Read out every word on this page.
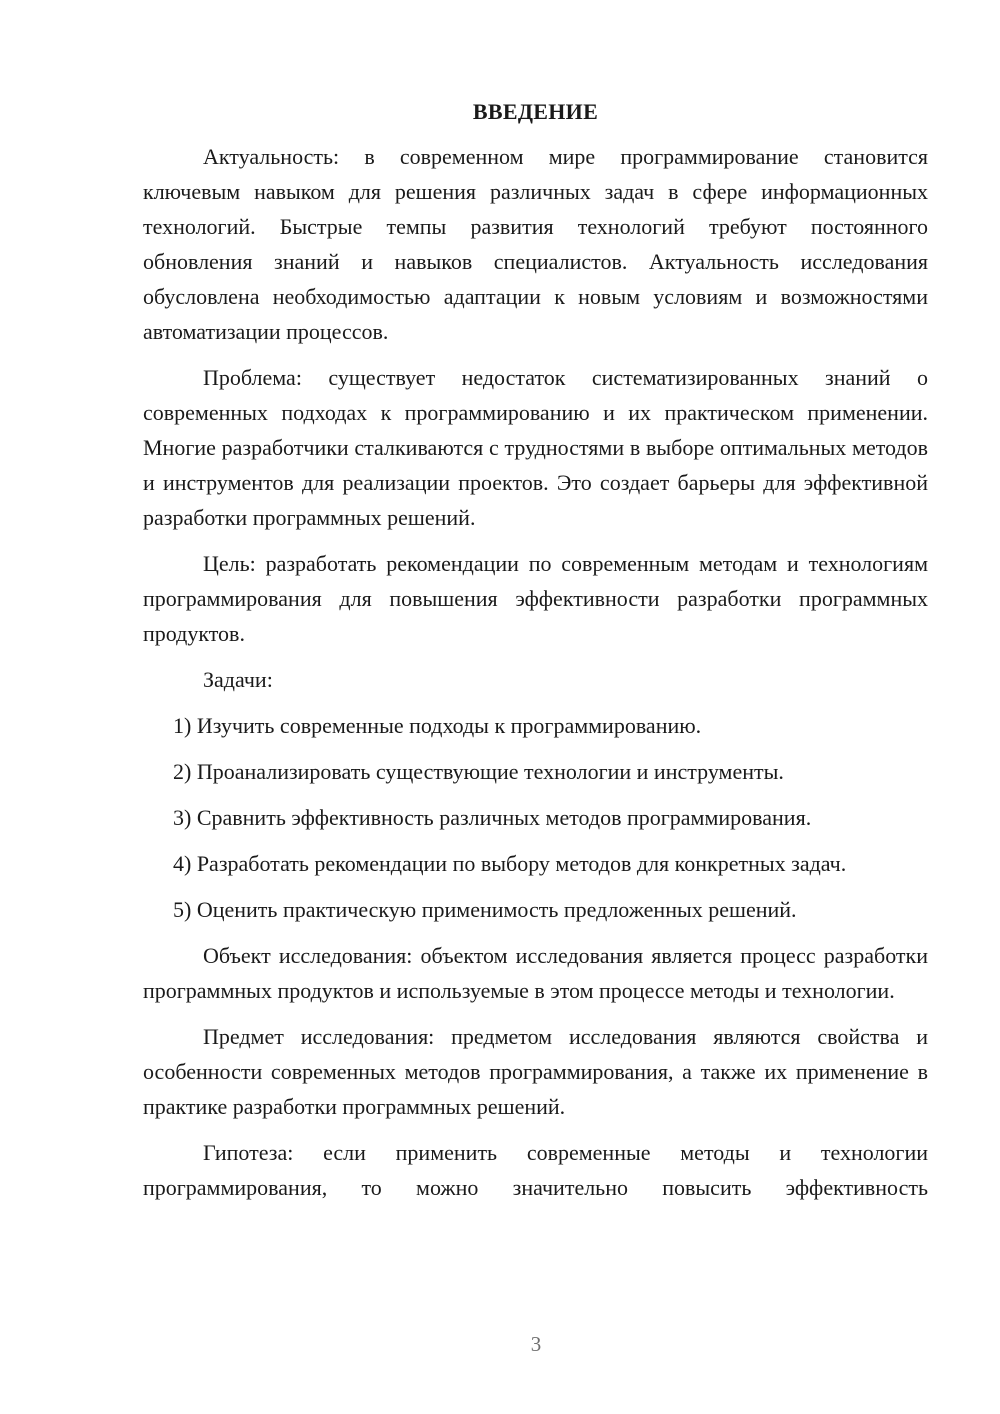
ВВЕДЕНИЕ

Актуальность: в современном мире программирование становится ключевым навыком для решения различных задач в сфере информационных технологий. Быстрые темпы развития технологий требуют постоянного обновления знаний и навыков специалистов. Актуальность исследования обусловлена необходимостью адаптации к новым условиям и возможностями автоматизации процессов.

Проблема: существует недостаток систематизированных знаний о современных подходах к программированию и их практическом применении. Многие разработчики сталкиваются с трудностями в выборе оптимальных методов и инструментов для реализации проектов. Это создает барьеры для эффективной разработки программных решений.

Цель: разработать рекомендации по современным методам и технологиям программирования для повышения эффективности разработки программных продуктов.

Задачи:

1) Изучить современные подходы к программированию.

2) Проанализировать существующие технологии и инструменты.

3) Сравнить эффективность различных методов программирования.

4) Разработать рекомендации по выбору методов для конкретных задач.

5) Оценить практическую применимость предложенных решений.

Объект исследования: объектом исследования является процесс разработки программных продуктов и используемые в этом процессе методы и технологии.

Предмет исследования: предметом исследования являются свойства и особенности современных методов программирования, а также их применение в практике разработки программных решений.

Гипотеза: если применить современные методы и технологии программирования, то можно значительно повысить эффективность

3
